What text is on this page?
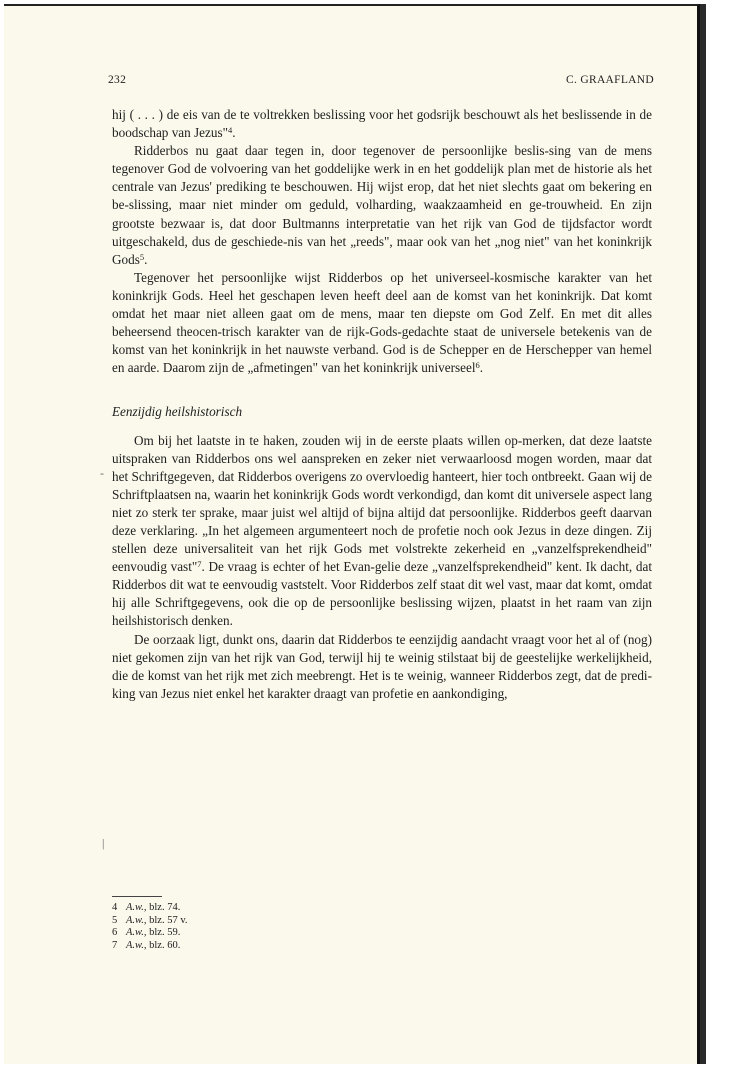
232	C. GRAAFLAND

hij ( . . . ) de eis van de te voltrekken beslissing voor het godsrijk beschouwt als het beslissende in de boodschap van Jezus"$^4$.

Ridderbos nu gaat daar tegen in, door tegenover de persoonlijke beslis-sing van de mens tegenover God de volvoering van het goddelijke werk in en het goddelijk plan met de historie als het centrale van Jezus' prediking te beschouwen. Hij wijst erop, dat het niet slechts gaat om bekering en be-slissing, maar niet minder om geduld, volharding, waakzaamheid en ge-trouwheid. En zijn grootste bezwaar is, dat door Bultmanns interpretatie van het rijk van God de tijdsfactor wordt uitgeschakeld, dus de geschiede-nis van het „reeds", maar ook van het „nog niet" van het koninkrijk Gods$^5$.

Tegenover het persoonlijke wijst Ridderbos op het universeel-kosmische karakter van het koninkrijk Gods. Heel het geschapen leven heeft deel aan de komst van het koninkrijk. Dat komt omdat het maar niet alleen gaat om de mens, maar ten diepste om God Zelf. En met dit alles beheersend theocen-trisch karakter van de rijk-Gods-gedachte staat de universele betekenis van de komst van het koninkrijk in het nauwste verband. God is de Schepper en de Herschepper van hemel en aarde. Daarom zijn de „afmetingen" van het koninkrijk universeel$^6$.

Eenzijdig heilshistorisch

Om bij het laatste in te haken, zouden wij in de eerste plaats willen op-merken, dat deze laatste uitspraken van Ridderbos ons wel aanspreken en zeker niet verwaarloosd mogen worden, maar dat het Schriftgegeven, dat Ridderbos overigens zo overvloedig hanteert, hier toch ontbreekt. Gaan wij de Schriftplaatsen na, waarin het koninkrijk Gods wordt verkondigd, dan komt dit universele aspect lang niet zo sterk ter sprake, maar juist wel altijd of bijna altijd dat persoonlijke. Ridderbos geeft daarvan deze verklaring. „In het algemeen argumenteert noch de profetie noch ook Jezus in deze dingen. Zij stellen deze universaliteit van het rijk Gods met volstrekte zekerheid en „vanzelfsprekendheid" eenvoudig vast"$^7$. De vraag is echter of het Evan-gelie deze „vanzelfsprekendheid" kent. Ik dacht, dat Ridderbos dit wat te eenvoudig vaststelt. Voor Ridderbos zelf staat dit wel vast, maar dat komt, omdat hij alle Schriftgegevens, ook die op de persoonlijke beslissing wijzen, plaatst in het raam van zijn heilshistorisch denken.

De oorzaak ligt, dunkt ons, daarin dat Ridderbos te eenzijdig aandacht vraagt voor het al of (nog) niet gekomen zijn van het rijk van God, terwijl hij te weinig stilstaat bij de geestelijke werkelijkheid, die de komst van het rijk met zich meebrengt. Het is te weinig, wanneer Ridderbos zegt, dat de predi-king van Jezus niet enkel het karakter draagt van profetie en aankondiging,

-
|
4 A.w., blz. 74.
5 A.w., blz. 57 v.
6 A.w., blz. 59.
7 A.w., blz. 60.
